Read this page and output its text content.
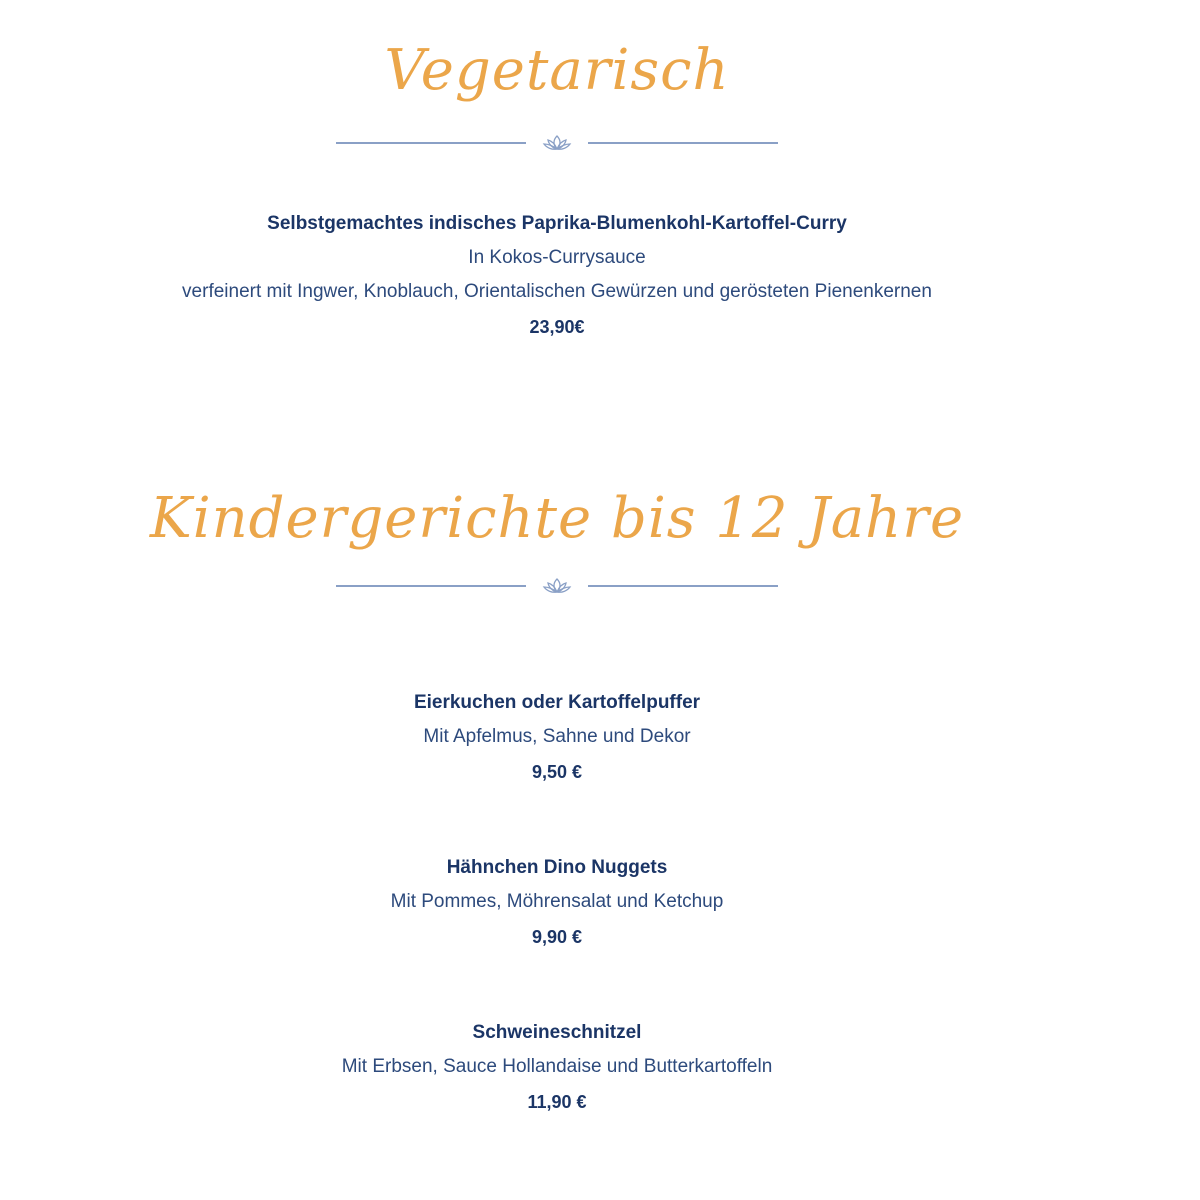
Vegetarisch
Selbstgemachtes indisches Paprika-Blumenkohl-Kartoffel-Curry
In Kokos-Currysauce
verfeinert mit Ingwer, Knoblauch, Orientalischen Gewürzen und gerösteten Pienenkernen
23,90€
Kindergerichte bis 12 Jahre
Eierkuchen oder Kartoffelpuffer
Mit Apfelmus, Sahne und Dekor
9,50 €
Hähnchen Dino Nuggets
Mit Pommes, Möhrensalat und Ketchup
9,90 €
Schweineschnitzel
Mit Erbsen, Sauce Hollandaise und Butterkartoffeln
11,90 €
